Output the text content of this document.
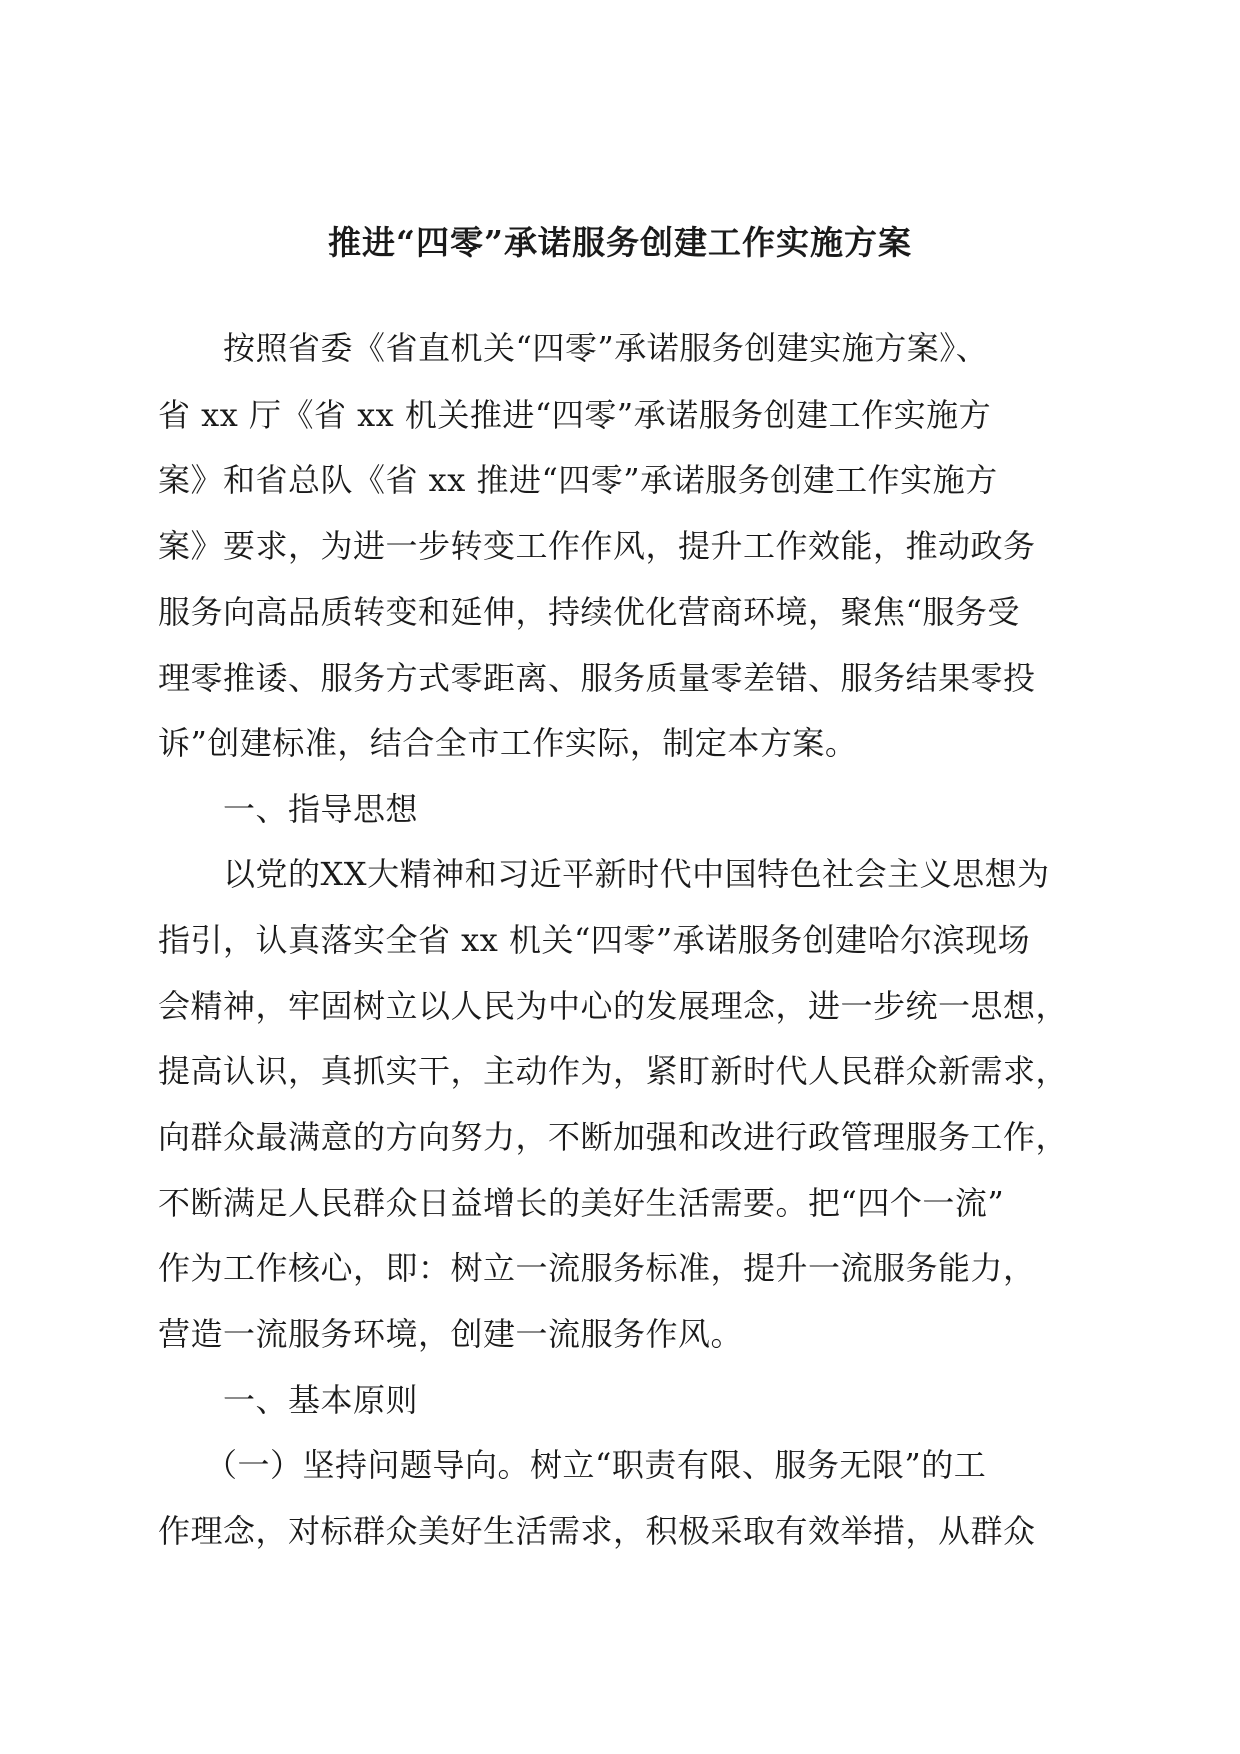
推进“四零”承诺服务创建工作实施方案
按照省委《省直机关“四零”承诺服务创建实施方案》、
省 xx 厅《省 xx 机关推进“四零”承诺服务创建工作实施方
案》和省总队《省 xx 推进“四零”承诺服务创建工作实施方
案》要求，为进一步转变工作作风，提升工作效能，推动政务
服务向高品质转变和延伸，持续优化营商环境，聚焦“服务受
理零推诿、服务方式零距离、服务质量零差错、服务结果零投
诉”创建标准，结合全市工作实际，制定本方案。
一、指导思想
以党的XX大精神和习近平新时代中国特色社会主义思想为
指引，认真落实全省 xx 机关“四零”承诺服务创建哈尔滨现场
会精神，牢固树立以人民为中心的发展理念，进一步统一思想，
提高认识，真抓实干，主动作为，紧盯新时代人民群众新需求，
向群众最满意的方向努力，不断加强和改进行政管理服务工作，
不断满足人民群众日益增长的美好生活需要。把“四个一流”
作为工作核心，即：树立一流服务标准，提升一流服务能力，
营造一流服务环境，创建一流服务作风。
一、基本原则
（一）坚持问题导向。树立“职责有限、服务无限”的工
作理念，对标群众美好生活需求，积极采取有效举措，从群众
